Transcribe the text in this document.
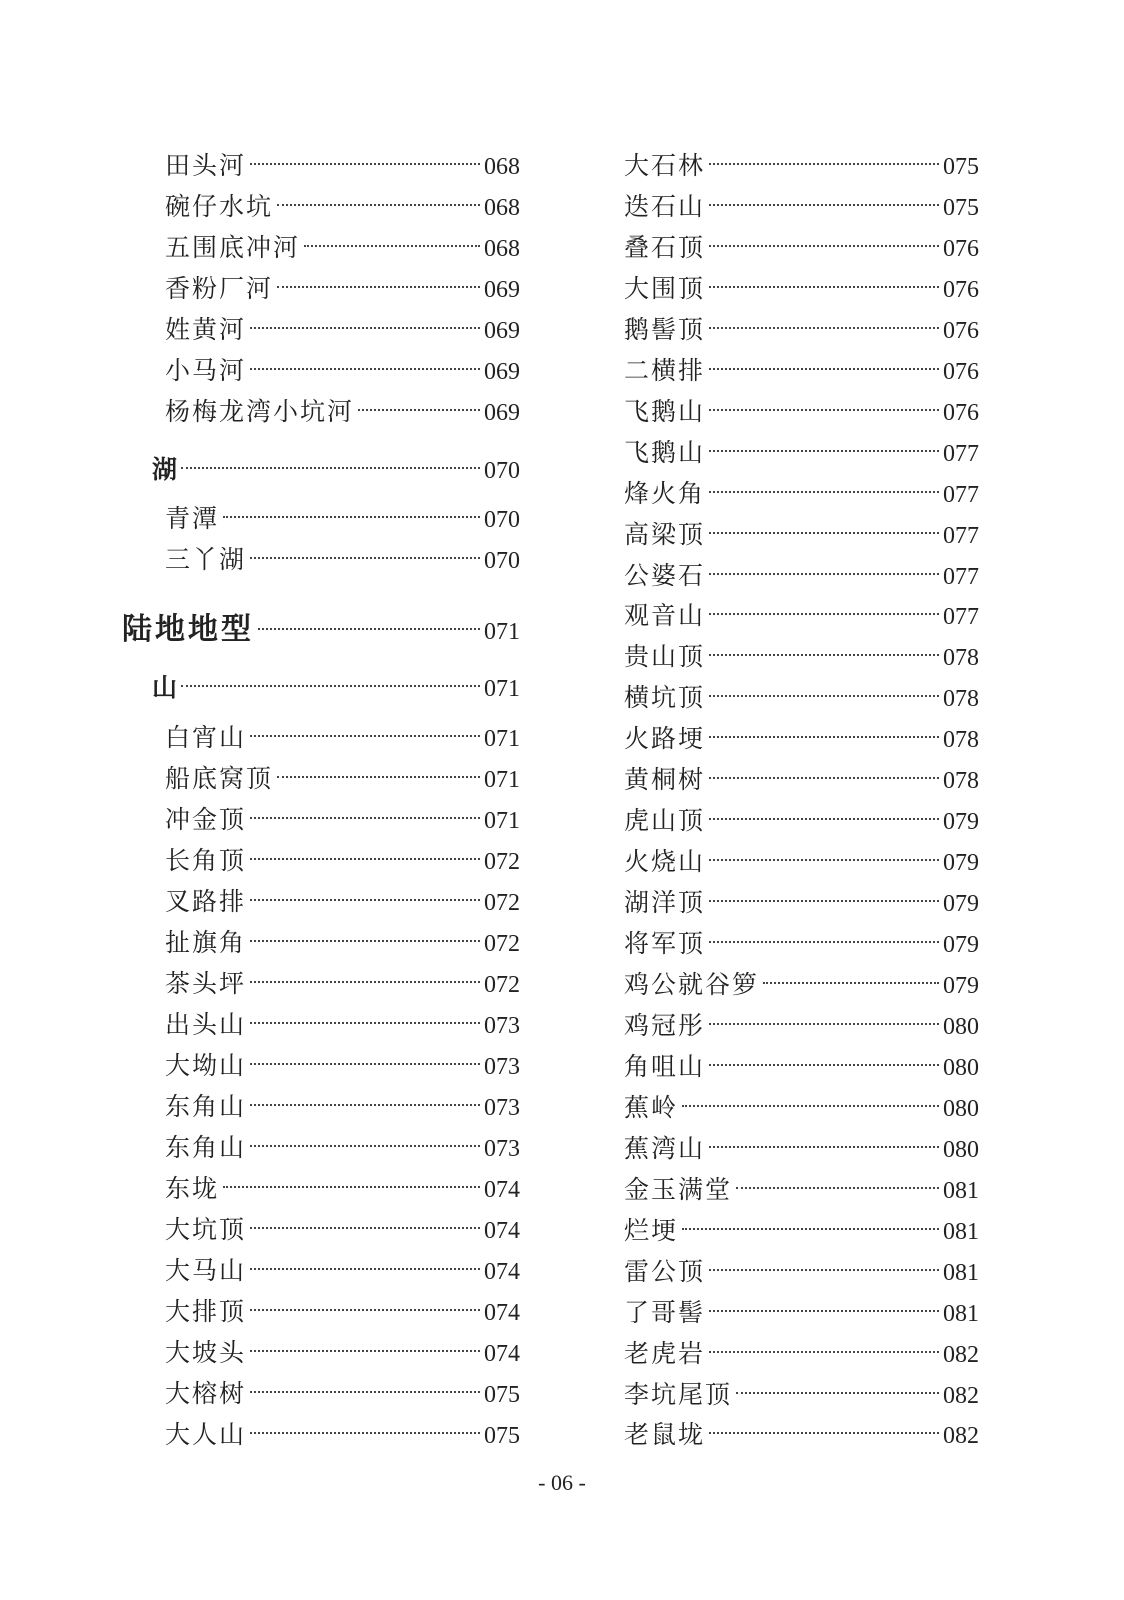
田头河	068
碗仔水坑	068
五围底冲河	068
香粉厂河	069
姓黄河	069
小马河	069
杨梅龙湾小坑河	069
湖	070
青潭	070
三丫湖	070
陆地地型	071
山	071
白宵山	071
船底窝顶	071
冲金顶	071
长角顶	072
叉路排	072
扯旗角	072
茶头坪	072
出头山	073
大坳山	073
东角山	073
东角山	073
东垅	074
大坑顶	074
大马山	074
大排顶	074
大坡头	074
大榕树	075
大人山	075
大石林	075
迭石山	075
叠石顶	076
大围顶	076
鹅髻顶	076
二横排	076
飞鹅山	076
飞鹅山	077
烽火角	077
高梁顶	077
公婆石	077
观音山	077
贵山顶	078
横坑顶	078
火路埂	078
黄桐树	078
虎山顶	079
火烧山	079
湖洋顶	079
将军顶	079
鸡公就谷箩	079
鸡冠彤	080
角咀山	080
蕉岭	080
蕉湾山	080
金玉满堂	081
烂埂	081
雷公顶	081
了哥髻	081
老虎岩	082
李坑尾顶	082
老鼠垅	082
- 06 -
